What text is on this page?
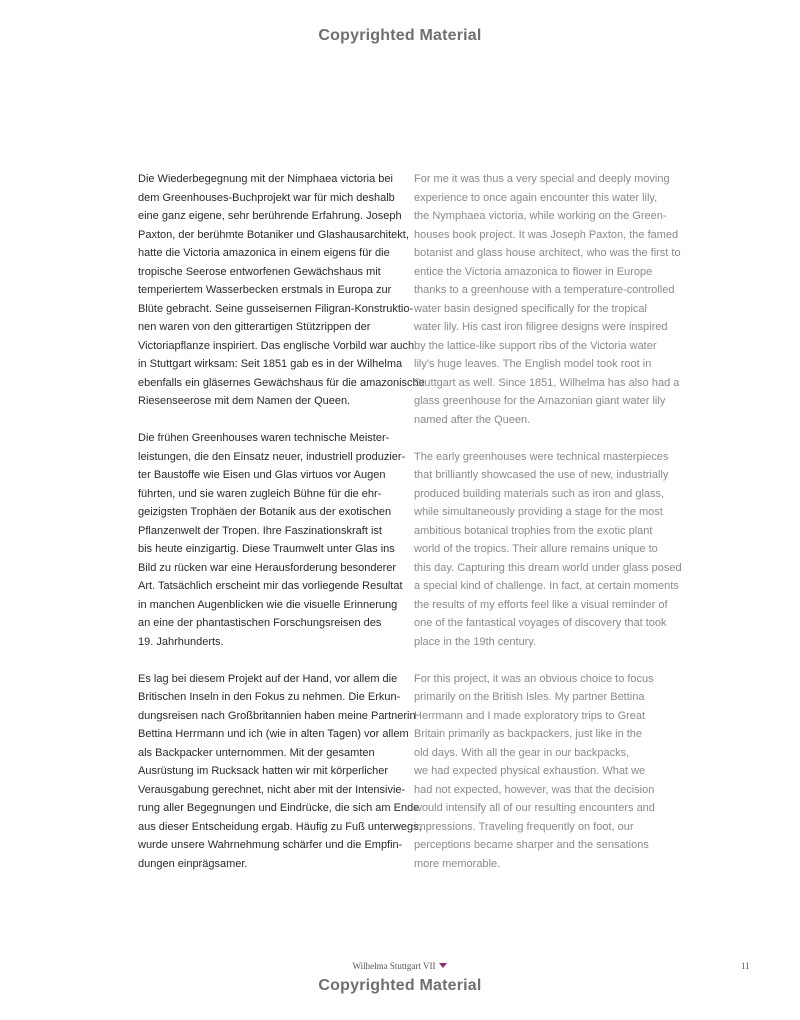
Copyrighted Material

Die Wiederbegegnung mit der Nimphaea victoria bei
dem Greenhouses-Buchprojekt war für mich deshalb
eine ganz eigene, sehr berührende Erfahrung. Joseph
Paxton, der berühmte Botaniker und Glashausarchitekt,
hatte die Victoria amazonica in einem eigens für die
tropische Seerose entworfenen Gewächshaus mit
temperiertem Wasserbecken erstmals in Europa zur
Blüte gebracht. Seine gusseisernen Filigran-Konstruktio-
nen waren von den gitterartigen Stützrippen der
Victoriapflanze inspiriert. Das englische Vorbild war auch
in Stuttgart wirksam: Seit 1851 gab es in der Wilhelma
ebenfalls ein gläsernes Gewächshaus für die amazonische
Riesenseerose mit dem Namen der Queen.

Die frühen Greenhouses waren technische Meister-
leistungen, die den Einsatz neuer, industriell produzier-
ter Baustoffe wie Eisen und Glas virtuos vor Augen
führten, und sie waren zugleich Bühne für die ehr-
geizigsten Trophäen der Botanik aus der exotischen
Pflanzenwelt der Tropen. Ihre Faszinationskraft ist
bis heute einzigartig. Diese Traumwelt unter Glas ins
Bild zu rücken war eine Herausforderung besonderer
Art. Tatsächlich erscheint mir das vorliegende Resultat
in manchen Augenblicken wie die visuelle Erinnerung
an eine der phantastischen Forschungsreisen des
19. Jahrhunderts.

Es lag bei diesem Projekt auf der Hand, vor allem die
Britischen Inseln in den Fokus zu nehmen. Die Erkun-
dungsreisen nach Großbritannien haben meine Partnerin
Bettina Herrmann und ich (wie in alten Tagen) vor allem
als Backpacker unternommen. Mit der gesamten
Ausrüstung im Rucksack hatten wir mit körperlicher
Verausgabung gerechnet, nicht aber mit der Intensivie-
rung aller Begegnungen und Eindrücke, die sich am Ende
aus dieser Entscheidung ergab. Häufig zu Fuß unterwegs,
wurde unsere Wahrnehmung schärfer und die Empfin-
dungen einprägsamer.

For me it was thus a very special and deeply moving
experience to once again encounter this water lily,
the Nymphaea victoria, while working on the Green-
houses book project. It was Joseph Paxton, the famed
botanist and glass house architect, who was the first to
entice the Victoria amazonica to flower in Europe
thanks to a greenhouse with a temperature-controlled
water basin designed specifically for the tropical
water lily. His cast iron filigree designs were inspired
by the lattice-like support ribs of the Victoria water
lily's huge leaves. The English model took root in
Stuttgart as well. Since 1851, Wilhelma has also had a
glass greenhouse for the Amazonian giant water lily
named after the Queen.

The early greenhouses were technical masterpieces
that brilliantly showcased the use of new, industrially
produced building materials such as iron and glass,
while simultaneously providing a stage for the most
ambitious botanical trophies from the exotic plant
world of the tropics. Their allure remains unique to
this day. Capturing this dream world under glass posed
a special kind of challenge. In fact, at certain moments
the results of my efforts feel like a visual reminder of
one of the fantastical voyages of discovery that took
place in the 19th century.

For this project, it was an obvious choice to focus
primarily on the British Isles. My partner Bettina
Herrmann and I made exploratory trips to Great
Britain primarily as backpackers, just like in the
old days. With all the gear in our backpacks,
we had expected physical exhaustion. What we
had not expected, however, was that the decision
would intensify all of our resulting encounters and
impressions. Traveling frequently on foot, our
perceptions became sharper and the sensations
more memorable.

Wilhelma Stuttgart VII	11
Copyrighted Material
